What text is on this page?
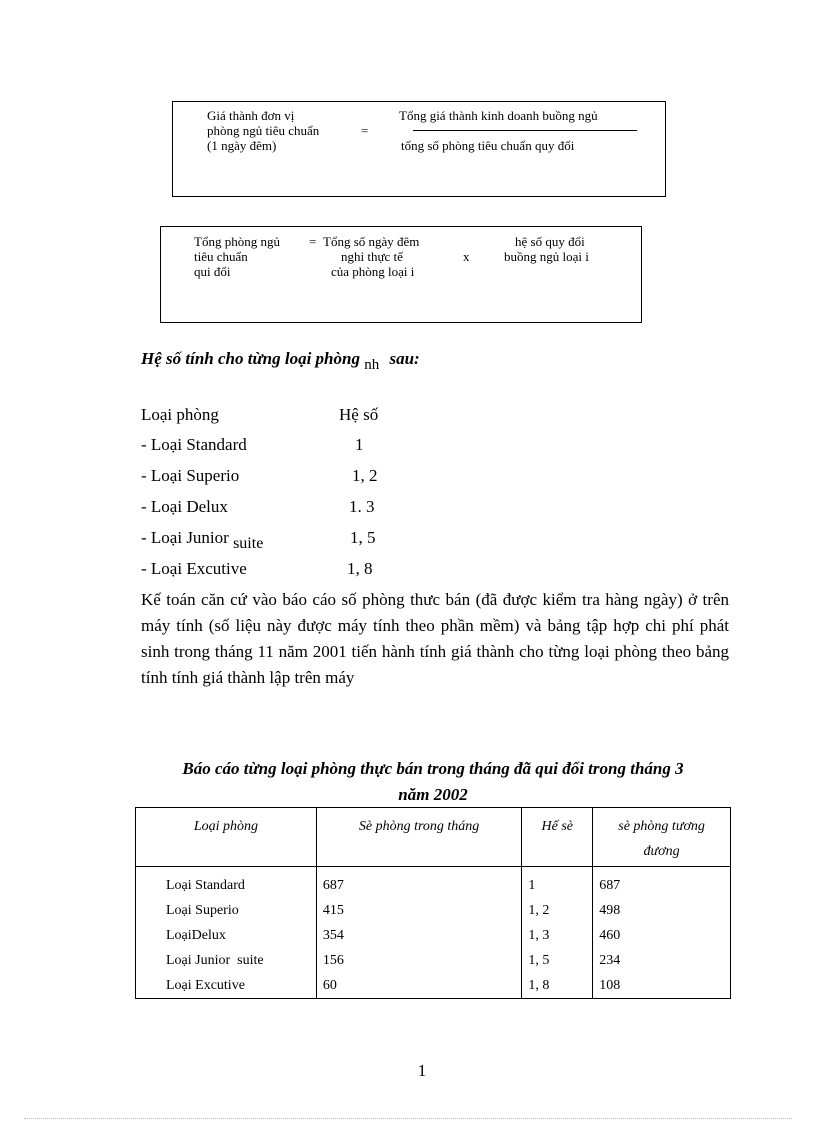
Giá thành đơn vị
phòng ngủ tiêu chuẩn
(1 ngày đêm)
=
Tổng giá thành kinh doanh buồng ngủ
tổng số phòng tiêu chuẩn quy đổi
Tổng phòng ngủ
tiêu chuẩn
qui đổi
= Tổng số ngày đêm
nghỉ thực tế
của phòng loại i
x
hệ số quy đổi
buồng ngủ loại i
Hệ số tính cho từng loại phòng nh sau:
Loại phòng	Hệ số
- Loại Standard	1
- Loại Superio	1, 2
- Loại Delux	1. 3
- Loại Junior suite	1, 5
- Loại Excutive	1, 8
Kế toán căn cứ vào báo cáo số phòng thưc bán (đã được kiểm tra hàng ngày) ở trên máy tính (số liệu này được máy tính theo phần mềm) và bảng tập hợp chi phí phát sinh trong tháng 11 năm 2001 tiến hành tính giá thành cho từng loại phòng theo bảng tính tính giá thành lập trên máy
Báo cáo từng loại phòng thực bán trong tháng đã qui đổi trong tháng 3
năm 2002
Loại phòng	Sè phòng trong tháng	Hế sè	sè phòng tương đương
Loại Standard	687	1	687
Loại Superio	415	1, 2	498
LoạiDelux	354	1, 3	460
Loại Junior  suite	156	1, 5	234
Loại Excutive	60	1, 8	108
1
